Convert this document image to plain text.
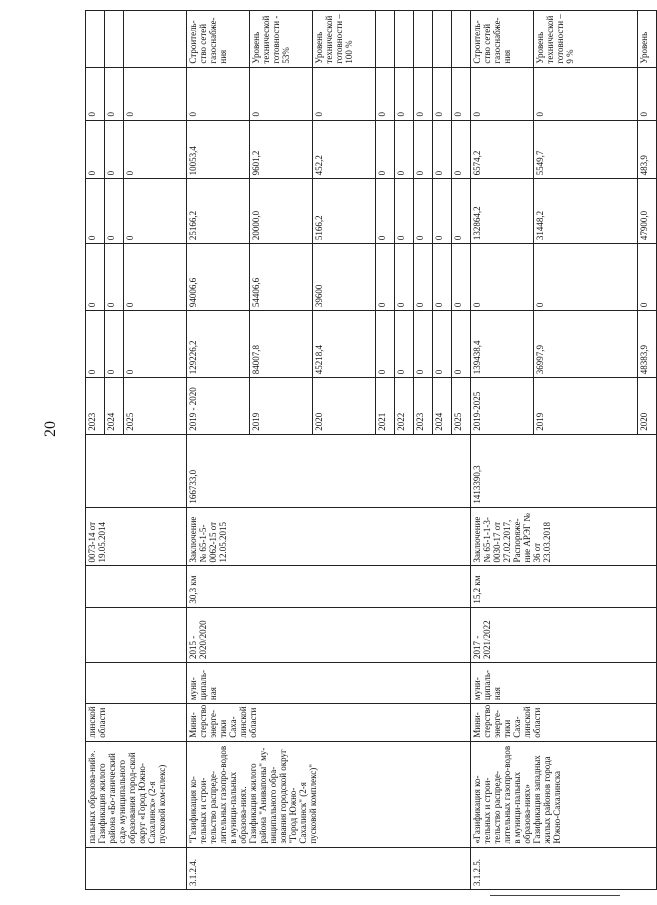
20
	пальных образова-ний». Газификация жилого района «Бо-танический сад» муниципального образования город-ской округ «Город Южно-Сахалинск» (2-я пусковой ком-плекс)	линской области				0073-14 от 19.05.2014		2023	0	0	0	0	0	
								2024	0	0	0	0	0	
								2025	0	0	0	0	0	
3.1.2.4.	"Газификация ко-тельных и строи-тельство распреде-лительных газопро-водов в муници-пальных образова-ниях. Газификация жилого района "Анивапоны" му-ниципального обра-зования городской округ "Город Южно-Сахалинск" (2-я пусковой комплекс)"	Мини-стерство энерге-тики Саха-линской области	муни-ципаль-ная	2015 - 2020/2020	30,3 км	Заключение № 65-1-5-0062-15 от 12.05.2015	166733,0	2019 - 2020	129226,2	94006,6	25166,2	10053,4	0	Строитель-ство сетей газоснабже-ния
								2019	84007,8	54406,6	20000,0	9601,2	0	Уровень технической готовности - 53%
								2020	45218,4	39600	5166,2	452,2	0	Уровень технической готовности – 100 %
								2021	0	0	0	0	0	
								2022	0	0	0	0	0	
								2023	0	0	0	0	0	
								2024	0	0	0	0	0	
								2025	0	0	0	0	0	
3.1.2.5.	«Газификация ко-тельных и строи-тельство распреде-лительных газопро-водов в муници-пальных образова-ниях» Газификация западных жилых районов города Южно-Сахалинска	Мини-стерство энерге-тики Саха-линской области	муни-ципаль-ная	2017 - 2021/2022	15,2 км	Заключение № 65-1-1-3-0030-17 от 27.02.2017, Распоряже-ние АРЭГ № 36 от 23.03.2018	1413390,3	2019-2025	139438,4	0	132864,2	6574,2	0	Строитель-ство сетей газоснабже-ния
								2019	36997,9	0	31448,2	5549,7	0	Уровень технической готовности – 9 %
								2020	48383,9	0	47900,0	483,9	0	Уровень
